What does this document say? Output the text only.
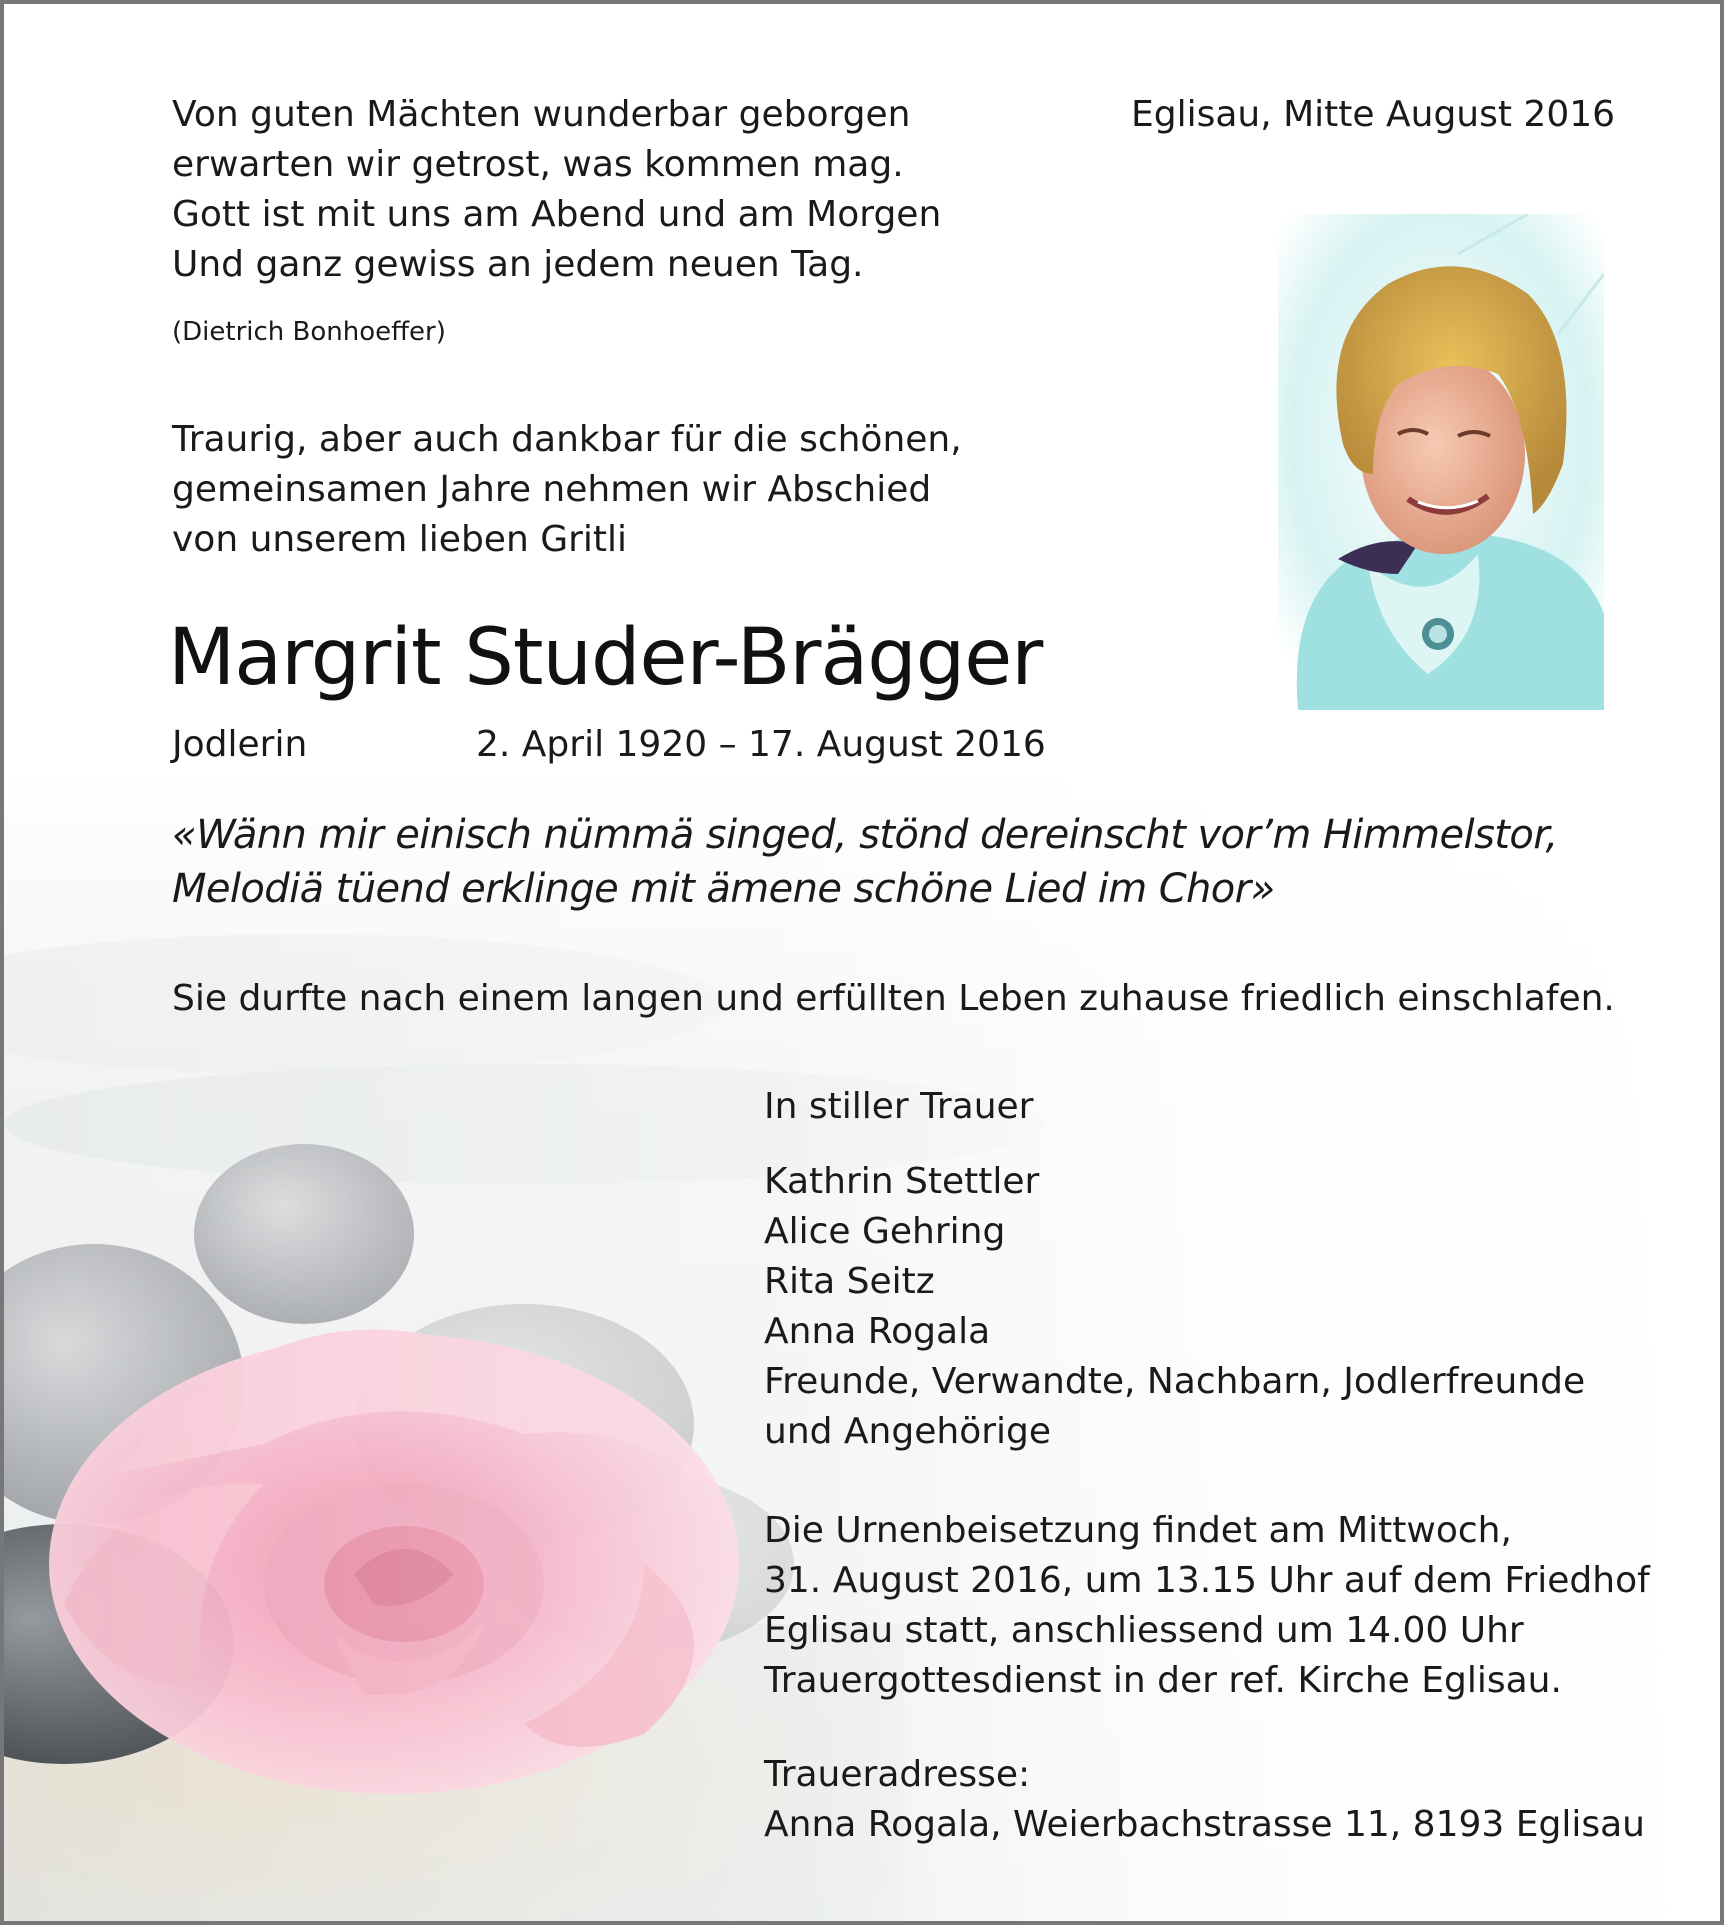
Eglisau, Mitte August 2016

Von guten Mächten wunderbar geborgen
erwarten wir getrost, was kommen mag.
Gott ist mit uns am Abend und am Morgen
Und ganz gewiss an jedem neuen Tag.

(Dietrich Bonhoeffer)

Traurig, aber auch dankbar für die schönen,
gemeinsamen Jahre nehmen wir Abschied
von unserem lieben Gritli

Margrit Studer-Brägger

Jodlerin	2. April 1920 – 17. August 2016

«Wänn mir einisch nümmä singed, stönd dereinscht vor’m Himmelstor,
Melodiä tüend erklinge mit ämene schöne Lied im Chor»

Sie durfte nach einem langen und erfüllten Leben zuhause friedlich einschlafen.

In stiller Trauer

Kathrin Stettler
Alice Gehring
Rita Seitz
Anna Rogala
Freunde, Verwandte, Nachbarn, Jodlerfreunde
und Angehörige
Die Urnenbeisetzung findet am Mittwoch,
31. August 2016, um 13.15 Uhr auf dem Friedhof
Eglisau statt, anschliessend um 14.00 Uhr
Trauergottesdienst in der ref. Kirche Eglisau.
Traueradresse:
Anna Rogala, Weierbachstrasse 11, 8193 Eglisau
